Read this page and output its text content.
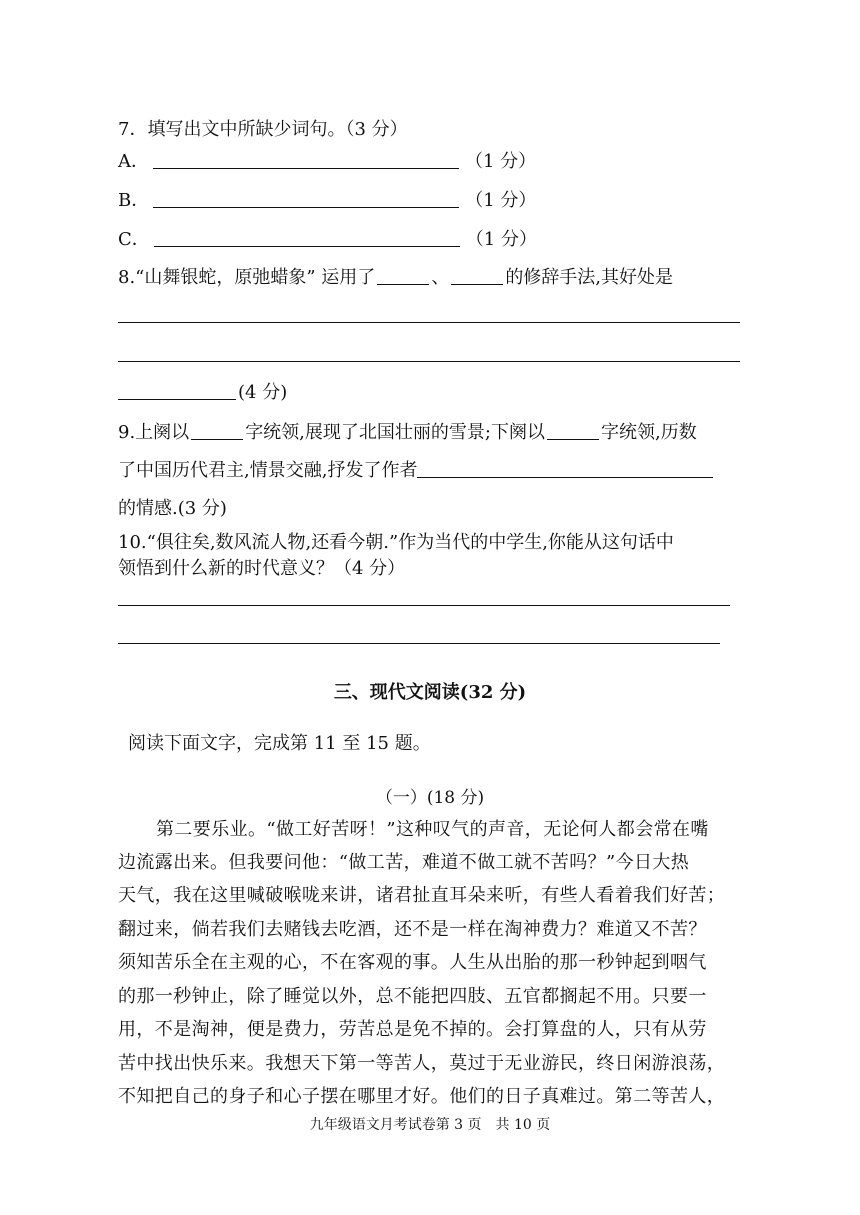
7．填写出文中所缺少词句。（3 分）
A．	（1 分）
B．	（1 分）
C．	（1 分）
8.“山舞银蛇，原弛蜡象” 运用了	、	的修辞手法,其好处是
(4 分)
9.上阕以	字统领,展现了北国壮丽的雪景;下阕以	字统领,历数
了中国历代君主,情景交融,抒发了作者
的情感.(3 分)
10.“俱往矣,数风流人物,还看今朝.”作为当代的中学生,你能从这句话中
领悟到什么新的时代意义？（4 分）
三、现代文阅读(32 分)
阅读下面文字，完成第 11 至 15 题。
（一）(18 分)
第二要乐业。“做工好苦呀！”这种叹气的声音，无论何人都会常在嘴
边流露出来。但我要问他：“做工苦，难道不做工就不苦吗？”今日大热
天气，我在这里喊破喉咙来讲，诸君扯直耳朵来听，有些人看着我们好苦；
翻过来，倘若我们去赌钱去吃酒，还不是一样在淘神费力？难道又不苦？
须知苦乐全在主观的心，不在客观的事。人生从出胎的那一秒钟起到咽气
的那一秒钟止，除了睡觉以外，总不能把四肢、五官都搁起不用。只要一
用，不是淘神，便是费力，劳苦总是免不掉的。会打算盘的人，只有从劳
苦中找出快乐来。我想天下第一等苦人，莫过于无业游民，终日闲游浪荡，
不知把自己的身子和心子摆在哪里才好。他们的日子真难过。第二等苦人，
九年级语文月考试卷第 3 页　共 10 页
